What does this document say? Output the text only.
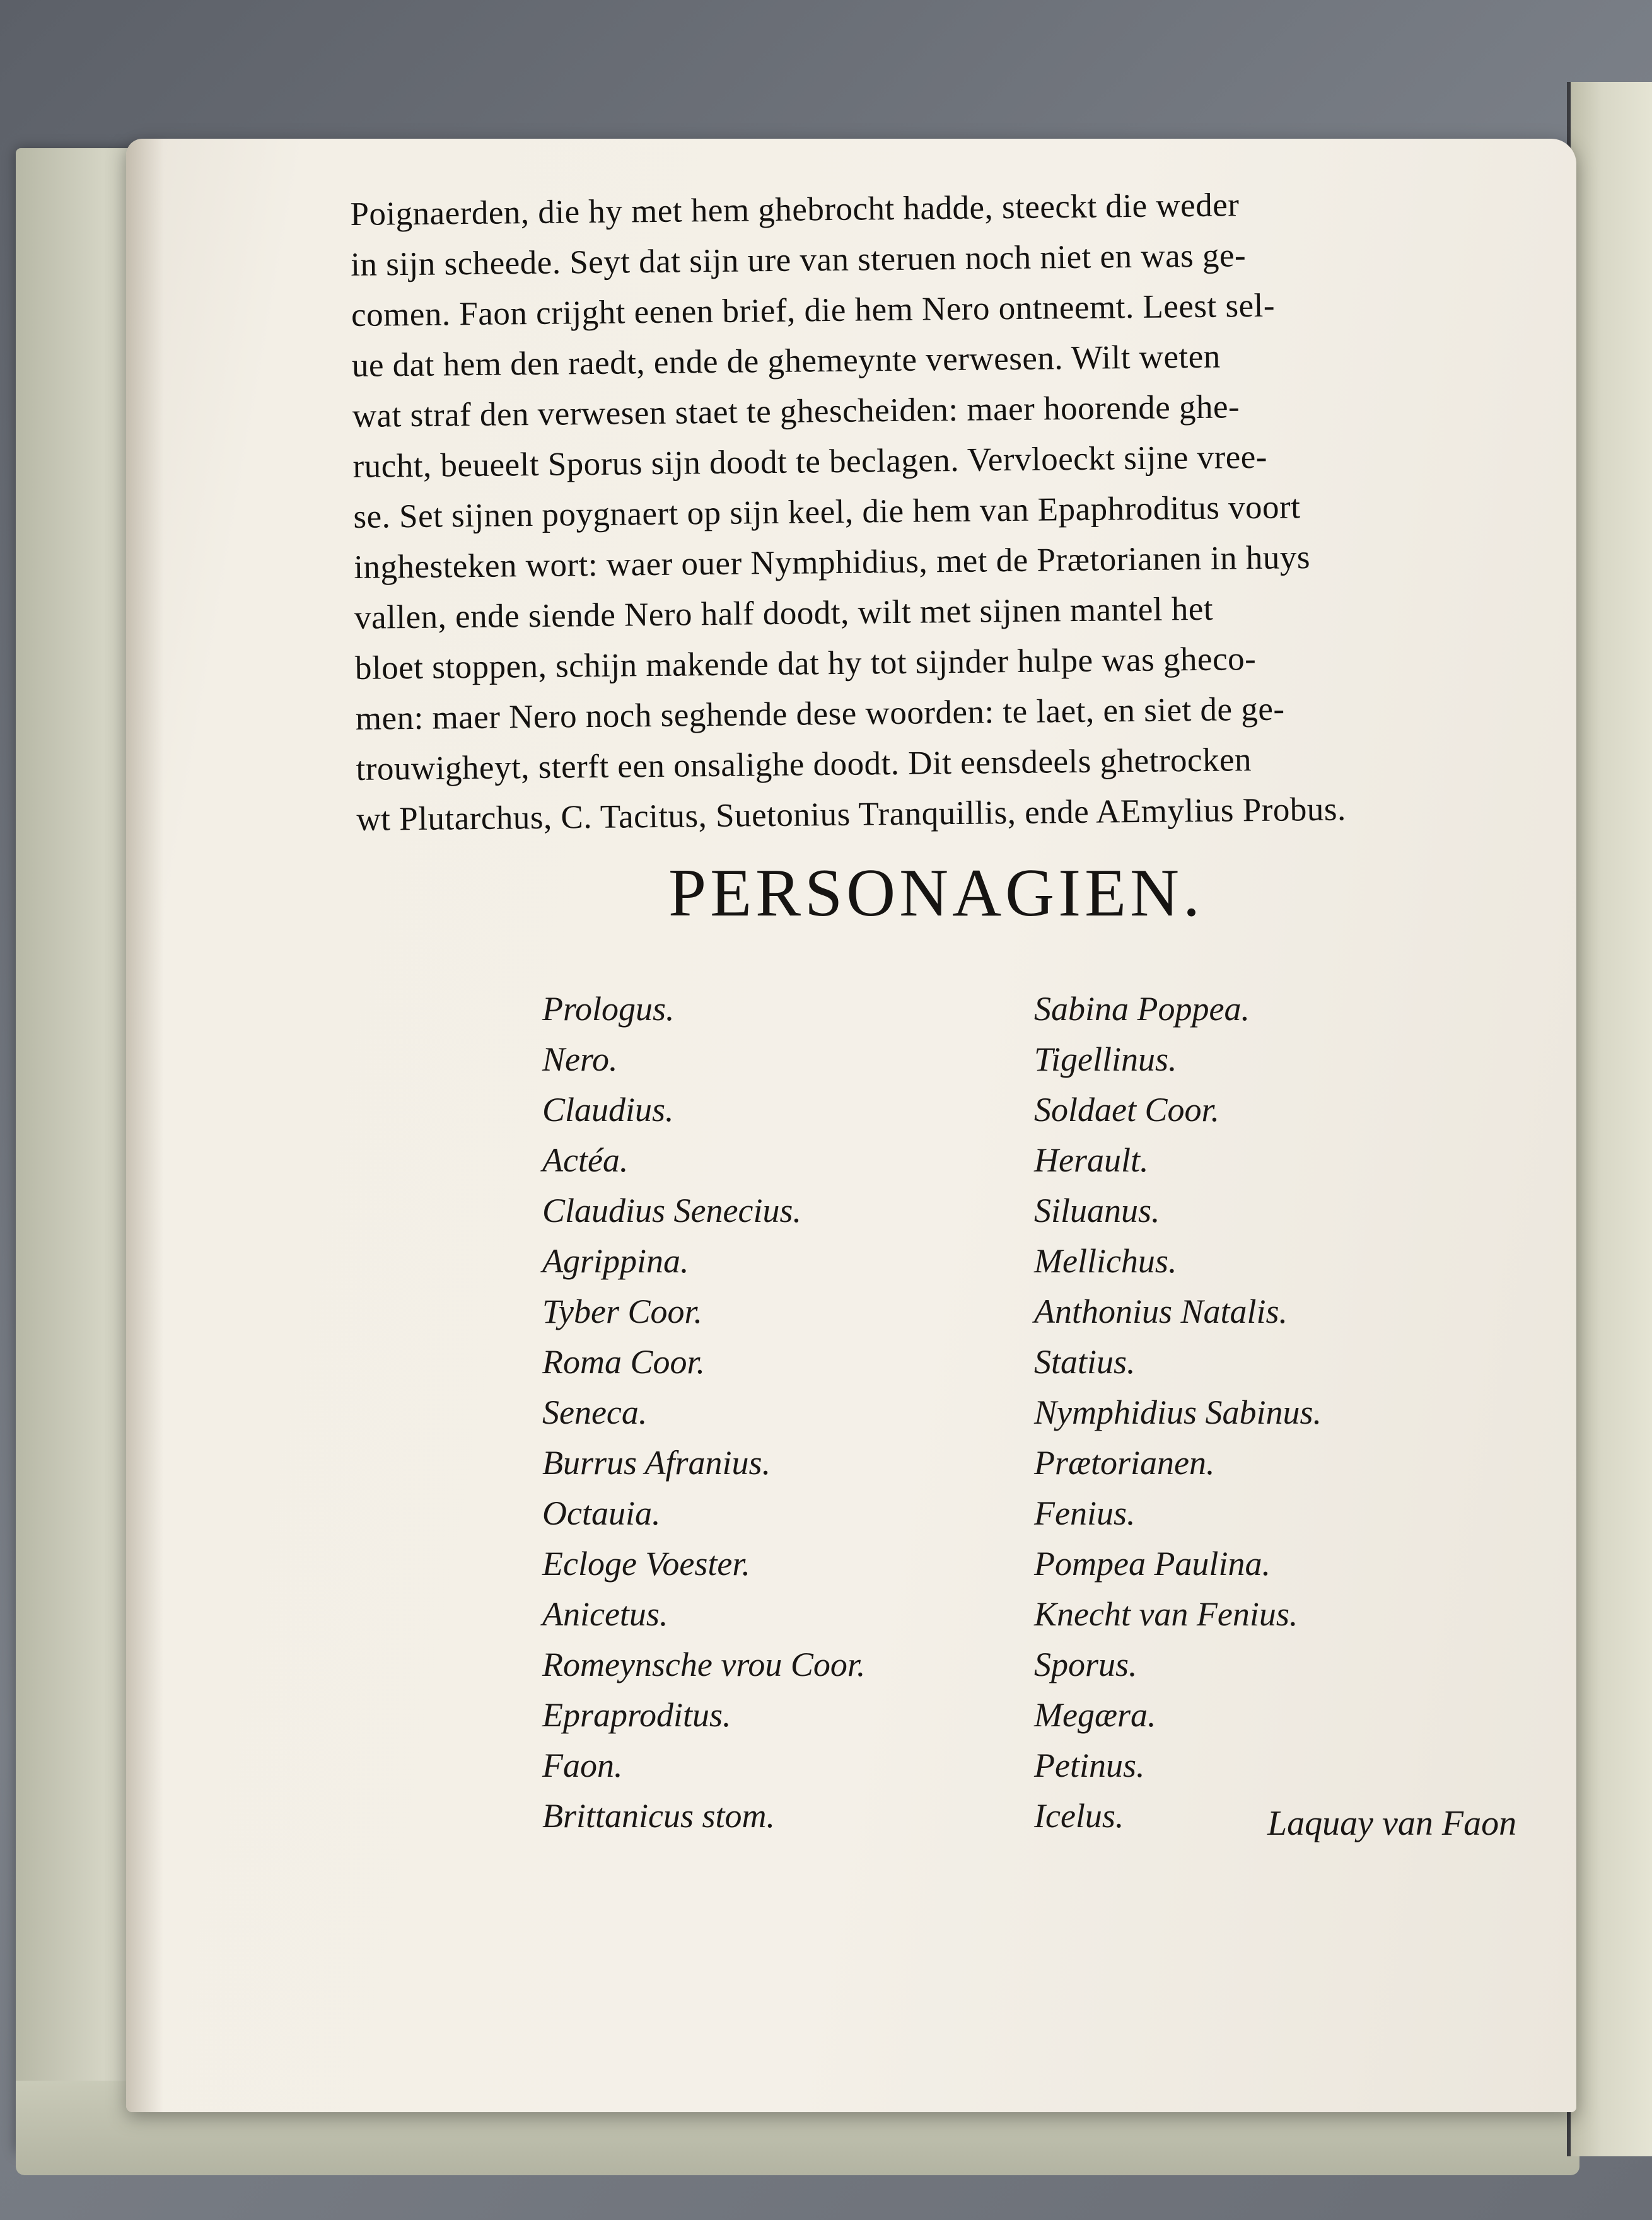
Poignaerden, die hy met hem ghebrocht hadde, steeckt die weder
in sijn scheede. Seyt dat sijn ure van steruen noch niet en was ge-
comen. Faon crijght eenen brief, die hem Nero ontneemt. Leest sel-
ue dat hem den raedt, ende de ghemeynte verwesen. Wilt weten
wat straf den verwesen staet te ghescheiden: maer hoorende ghe-
rucht, beueelt Sporus sijn doodt te beclagen. Vervloeckt sijne vree-
se. Set sijnen poygnaert op sijn keel, die hem van Epaphroditus voort
inghesteken wort: waer ouer Nymphidius, met de Prætorianen in huys
vallen, ende siende Nero half doodt, wilt met sijnen mantel het
bloet stoppen, schijn makende dat hy tot sijnder hulpe was gheco-
men: maer Nero noch seghende dese woorden: te laet, en siet de ge-
trouwigheyt, sterft een onsalighe doodt. Dit eensdeels ghetrocken
wt Plutarchus, C. Tacitus, Suetonius Tranquillis, ende AEmylius Probus.
PERSONAGIEN.
Prologus.
Nero.
Claudius.
Actéa.
Claudius Senecius.
Agrippina.
Tyber Coor.
Roma Coor.
Seneca.
Burrus Afranius.
Octauia.
Ecloge Voester.
Anicetus.
Romeynsche vrou Coor.
Epraproditus.
Faon.
Brittanicus stom.
Sabina Poppea.
Tigellinus.
Soldaet Coor.
Herault.
Siluanus.
Mellichus.
Anthonius Natalis.
Statius.
Nymphidius Sabinus.
Prætorianen.
Fenius.
Pompea Paulina.
Knecht van Fenius.
Sporus.
Megæra.
Petinus.
Icelus.	Laquay van Faon
